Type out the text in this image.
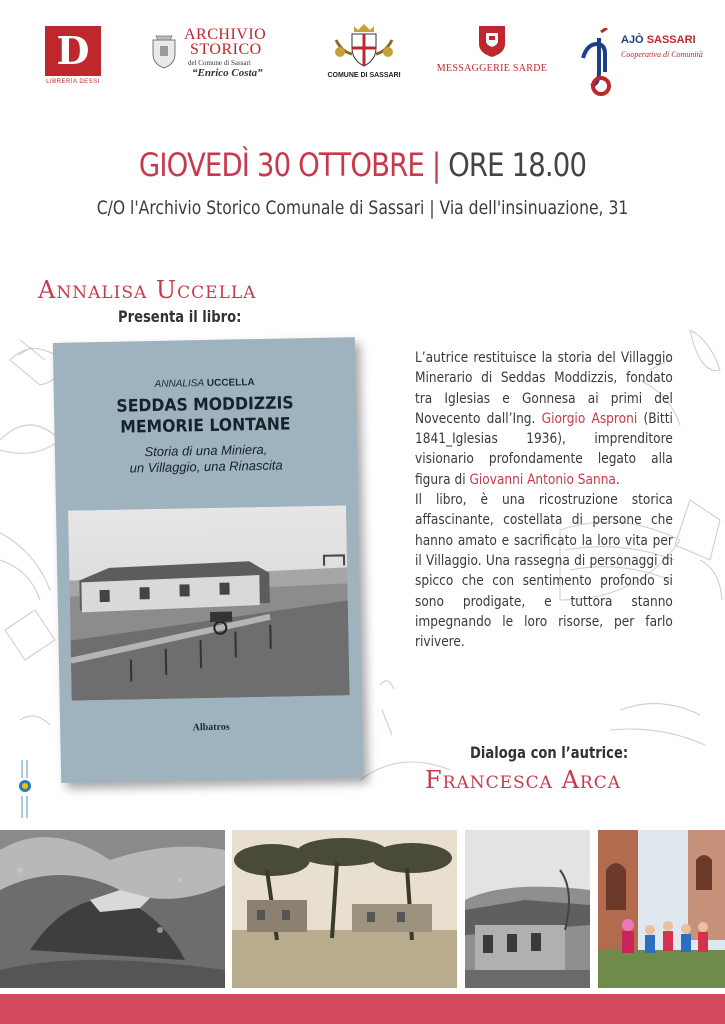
D
LIBRERIA DESSI
ARCHIVIO
STORICO
del Comune di Sassari
“Enrico Costa”	COMUNE DI SASSARI
MESSAGGERIE SARDE
AJÒ SASSARI
Cooperativa di Comunità
GIOVEDÌ 30 OTTOBRE | ORE 18.00
C/O l'Archivio Storico Comunale di Sassari | Via dell'insinuazione, 31
Annalisa Uccella
Presenta il libro:
ANNALISA UCCELLA
SEDDAS MODDIZZIS
MEMORIE LONTANE
Storia di una Miniera,
un Villaggio, una Rinascita
Albatros

L’autrice restituisce la storia del Villaggio Minerario di Seddas Moddizzis, fondato tra Iglesias e Gonnesa ai primi del Novecento dall’Ing. Giorgio Asproni (Bitti 1841_Iglesias 1936), imprenditore visionario profondamente legato alla figura di Giovanni Antonio Sanna.

Il libro, è una ricostruzione storica affascinante, costellata di persone che hanno amato e sacrificato la loro vita per il Villaggio. Una rassegna di personaggi di spicco che con sentimento profondo si sono prodigate, e tuttora stanno impegnando le loro risorse, per farlo rivivere.

Dialoga con l’autrice:
Francesca Arca
